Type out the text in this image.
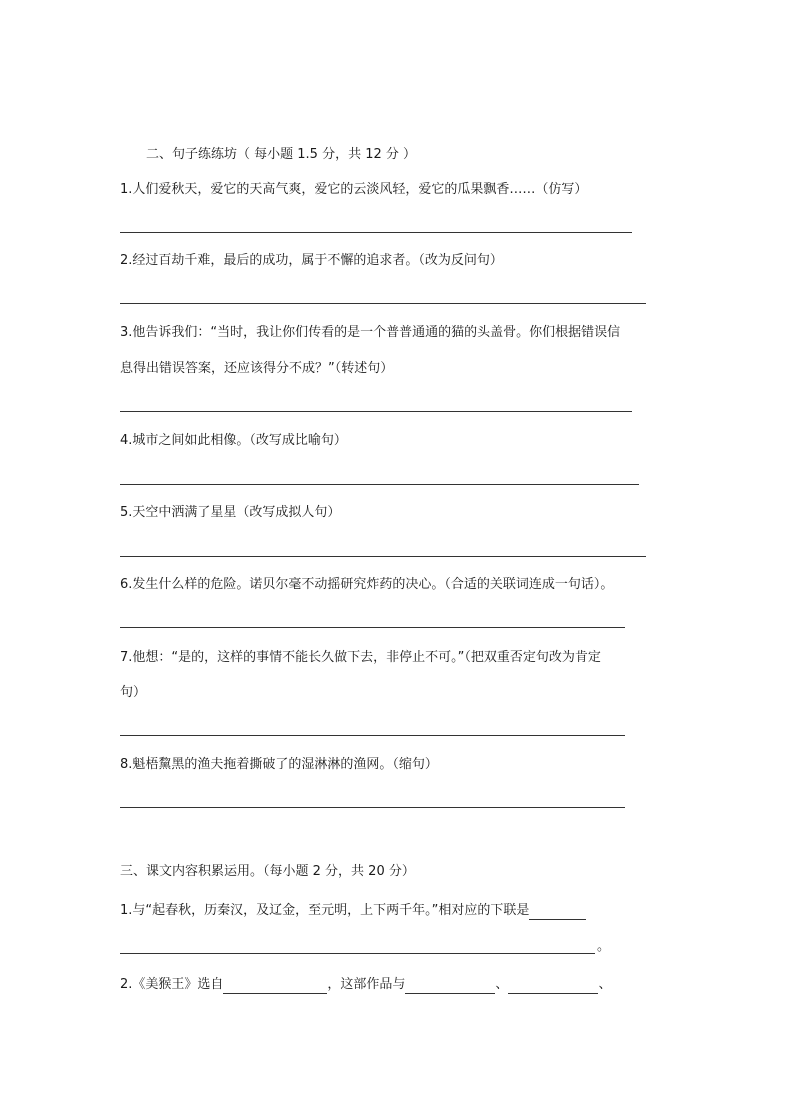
二、句子练练坊（ 每小题 1.5 分，共 12 分 ）
1.人们爱秋天，爱它的天高气爽，爱它的云淡风轻，爱它的瓜果飘香……（仿写）
2.经过百劫千难，最后的成功，属于不懈的追求者。（改为反问句）
3.他告诉我们：“当时，我让你们传看的是一个普普通通的猫的头盖骨。你们根据错误信
息得出错误答案，还应该得分不成？”（转述句）
4.城市之间如此相像。（改写成比喻句）
5.天空中洒满了星星（改写成拟人句）
6.发生什么样的危险。诺贝尔毫不动摇研究炸药的决心。（合适的关联词连成一句话）。
7.他想：“是的，这样的事情不能长久做下去，非停止不可。”（把双重否定句改为肯定
句）
8.魁梧黧黑的渔夫拖着撕破了的湿淋淋的渔网。（缩句）
三、课文内容积累运用。（每小题 2 分，共 20 分）
1.与“起春秋，历秦汉，及辽金，至元明，上下两千年。”相对应的下联是
。
2.《美猴王》选自	，这部作品与	、	、
